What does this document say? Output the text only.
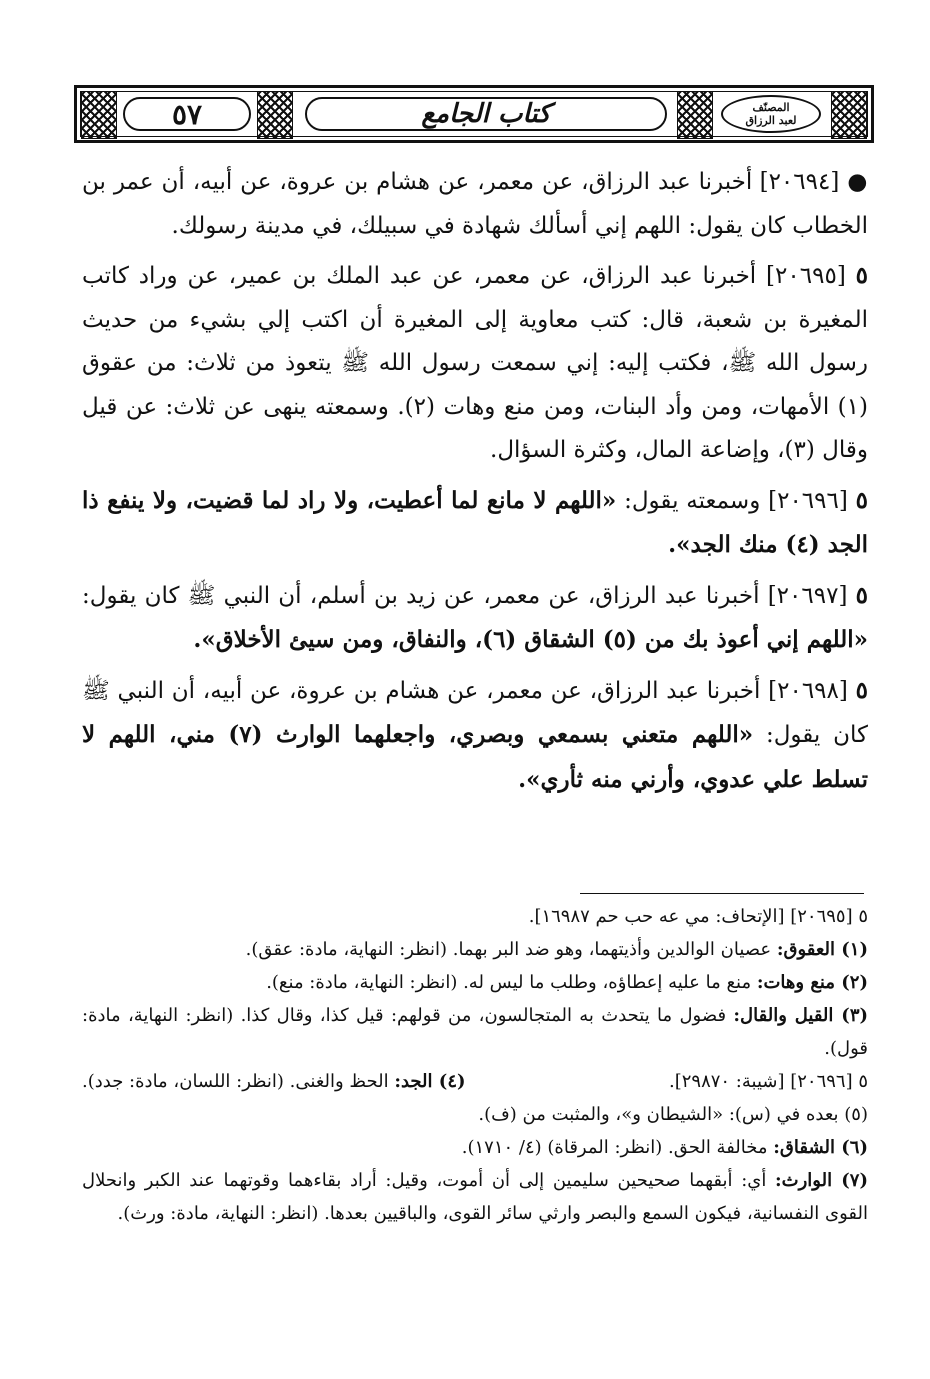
٥٧	كتاب الجامع	المصنّف
لعبد الرزاق

● [٢٠٦٩٤] أخبرنا عبد الرزاق، عن معمر، عن هشام بن عروة، عن أبيه، أن عمر بن الخطاب كان يقول: اللهم إني أسألك شهادة في سبيلك، في مدينة رسولك.

٥ [٢٠٦٩٥] أخبرنا عبد الرزاق، عن معمر، عن عبد الملك بن عمير، عن وراد كاتب المغيرة بن شعبة، قال: كتب معاوية إلى المغيرة أن اكتب إلي بشيء من حديث رسول الله ﷺ، فكتب إليه: إني سمعت رسول الله ﷺ يتعوذ من ثلاث: من عقوق (١) الأمهات، ومن وأد البنات، ومن منع وهات (٢). وسمعته ينهى عن ثلاث: عن قيل وقال (٣)، وإضاعة المال، وكثرة السؤال.

٥ [٢٠٦٩٦] وسمعته يقول: «اللهم لا مانع لما أعطيت، ولا راد لما قضيت، ولا ينفع ذا الجد (٤) منك الجد».

٥ [٢٠٦٩٧] أخبرنا عبد الرزاق، عن معمر، عن زيد بن أسلم، أن النبي ﷺ كان يقول: «اللهم إني أعوذ بك من (٥) الشقاق (٦)، والنفاق، ومن سيئ الأخلاق».

٥ [٢٠٦٩٨] أخبرنا عبد الرزاق، عن معمر، عن هشام بن عروة، عن أبيه، أن النبي ﷺ كان يقول: «اللهم متعني بسمعي وبصري، واجعلهما الوارث (٧) مني، اللهم لا تسلط علي عدوي، وأرني منه ثأري».

٥ [٢٠٦٩٥] [الإتحاف: مي عه حب حم ١٦٩٨٧].

(١) العقوق: عصيان الوالدين وأذيتهما، وهو ضد البر بهما. (انظر: النهاية، مادة: عقق).

(٢) منع وهات: منع ما عليه إعطاؤه، وطلب ما ليس له. (انظر: النهاية، مادة: منع).

(٣) القيل والقال: فضول ما يتحدث به المتجالسون، من قولهم: قيل كذا، وقال كذا. (انظر: النهاية، مادة: قول).

٥ [٢٠٦٩٦] [شيبة: ٢٩٨٧٠].
(٤) الجد: الحظ والغنى. (انظر: اللسان، مادة: جدد).

(٥) بعده في (س): «الشيطان و»، والمثبت من (ف).

(٦) الشقاق: مخالفة الحق. (انظر: المرقاة) (٤/ ١٧١٠).

(٧) الوارث: أي: أبقهما صحيحين سليمين إلى أن أموت، وقيل: أراد بقاءهما وقوتهما عند الكبر وانحلال القوى النفسانية، فيكون السمع والبصر وارثي سائر القوى، والباقيين بعدها. (انظر: النهاية، مادة: ورث).
